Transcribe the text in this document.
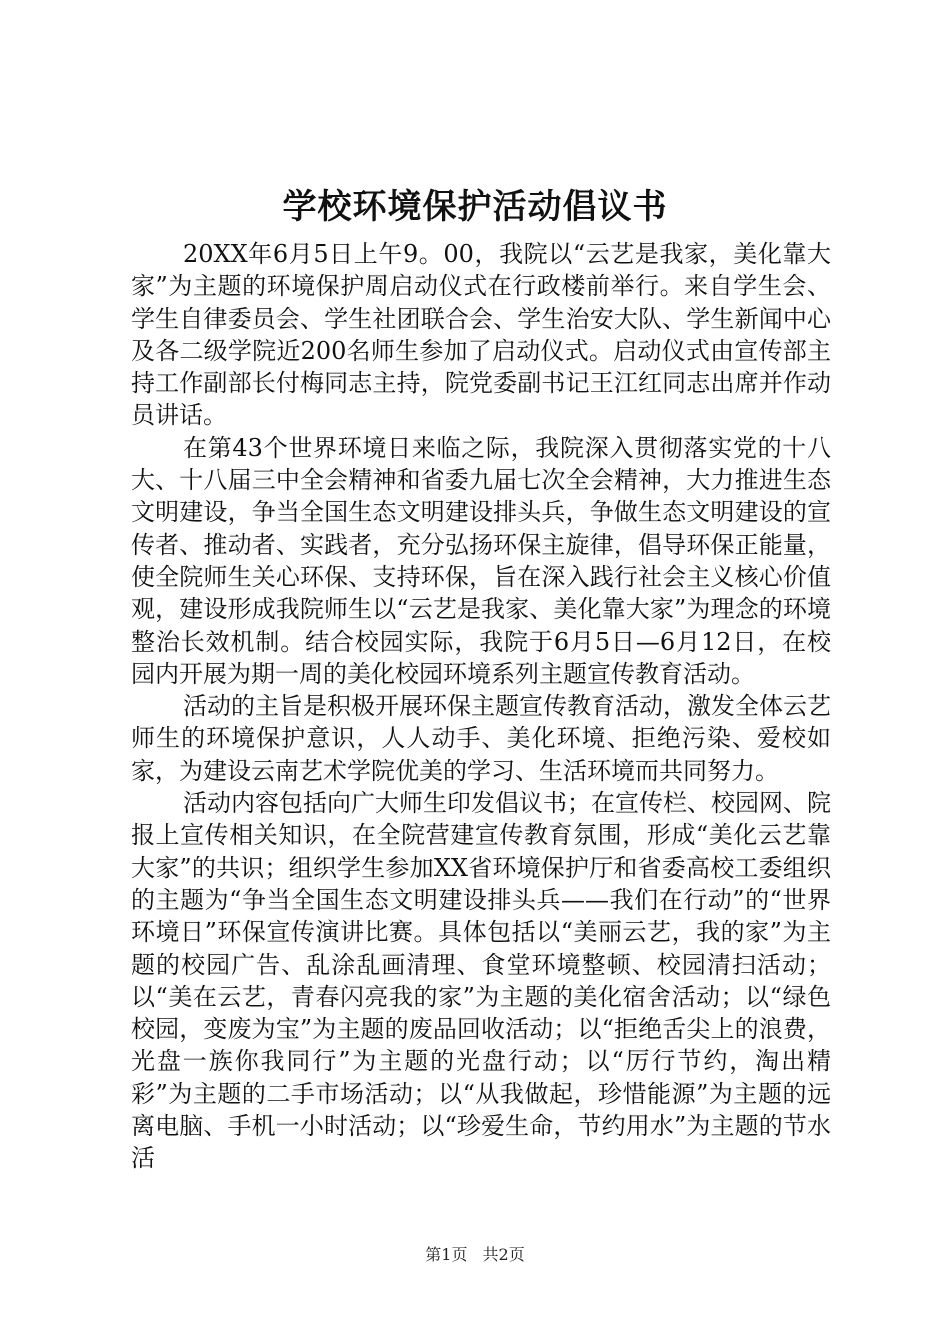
学校环境保护活动倡议书

20XX年6月5日上午9。00，我院以“云艺是我家，美化靠大家”为主题的环境保护周启动仪式在行政楼前举行。来自学生会、学生自律委员会、学生社团联合会、学生治安大队、学生新闻中心及各二级学院近200名师生参加了启动仪式。启动仪式由宣传部主持工作副部长付梅同志主持，院党委副书记王江红同志出席并作动员讲话。

在第43个世界环境日来临之际，我院深入贯彻落实党的十八大、十八届三中全会精神和省委九届七次全会精神，大力推进生态文明建设，争当全国生态文明建设排头兵，争做生态文明建设的宣传者、推动者、实践者，充分弘扬环保主旋律，倡导环保正能量，使全院师生关心环保、支持环保，旨在深入践行社会主义核心价值观，建设形成我院师生以“云艺是我家、美化靠大家”为理念的环境整治长效机制。结合校园实际，我院于6月5日—6月12日，在校园内开展为期一周的美化校园环境系列主题宣传教育活动。

活动的主旨是积极开展环保主题宣传教育活动，激发全体云艺师生的环境保护意识，人人动手、美化环境、拒绝污染、爱校如家，为建设云南艺术学院优美的学习、生活环境而共同努力。

活动内容包括向广大师生印发倡议书；在宣传栏、校园网、院报上宣传相关知识，在全院营建宣传教育氛围，形成“美化云艺靠大家”的共识；组织学生参加XX省环境保护厅和省委高校工委组织的主题为“争当全国生态文明建设排头兵——我们在行动”的“世界环境日”环保宣传演讲比赛。具体包括以“美丽云艺，我的家”为主题的校园广告、乱涂乱画清理、食堂环境整顿、校园清扫活动；以“美在云艺，青春闪亮我的家”为主题的美化宿舍活动；以“绿色校园，变废为宝”为主题的废品回收活动；以“拒绝舌尖上的浪费，光盘一族你我同行”为主题的光盘行动；以“厉行节约，淘出精彩”为主题的二手市场活动；以“从我做起，珍惜能源”为主题的远离电脑、手机一小时活动；以“珍爱生命，节约用水”为主题的节水活

第1页 共2页
